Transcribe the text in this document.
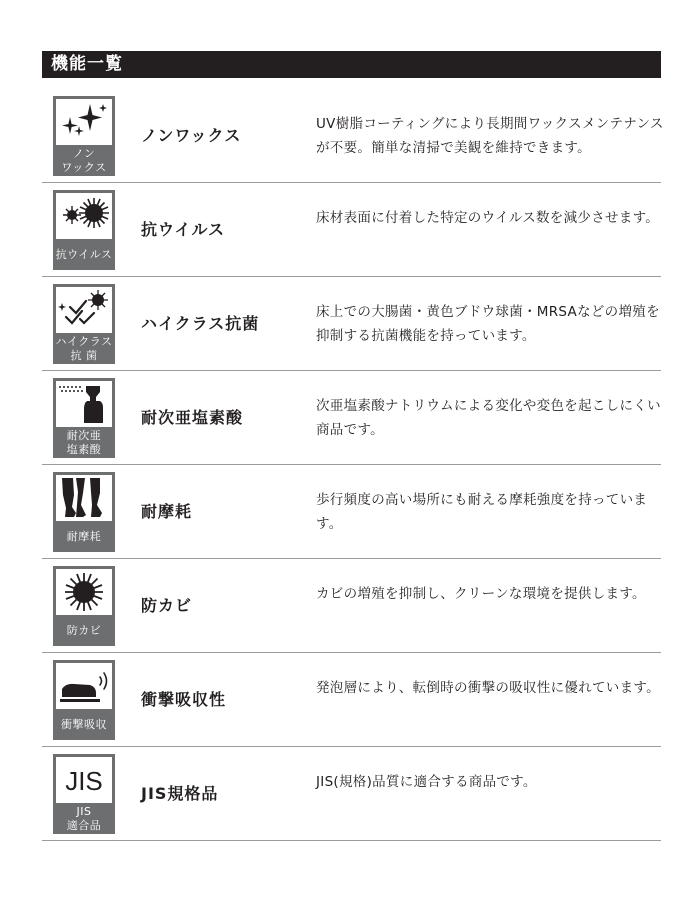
機能一覧
ノン
ワックス
ノンワックス
UV樹脂コーティングにより長期間ワックスメンテナンスが不要。簡単な清掃で美観を維持できます。
抗ウイルス
抗ウイルス
床材表面に付着した特定のウイルス数を減少させます。
ハイクラス
抗 菌
ハイクラス抗菌
床上での大腸菌・黄色ブドウ球菌・MRSAなどの増殖を抑制する抗菌機能を持っています。
耐次亜
塩素酸
耐次亜塩素酸
次亜塩素酸ナトリウムによる変化や変色を起こしにくい商品です。
耐摩耗
耐摩耗
歩行頻度の高い場所にも耐える摩耗強度を持っています。
防カビ
防カビ
カビの増殖を抑制し、クリーンな環境を提供します。
衝撃吸収
衝撃吸収性
発泡層により、転倒時の衝撃の吸収性に優れています。
JIS
JIS
適合品
JIS規格品
JIS(規格)品質に適合する商品です。
